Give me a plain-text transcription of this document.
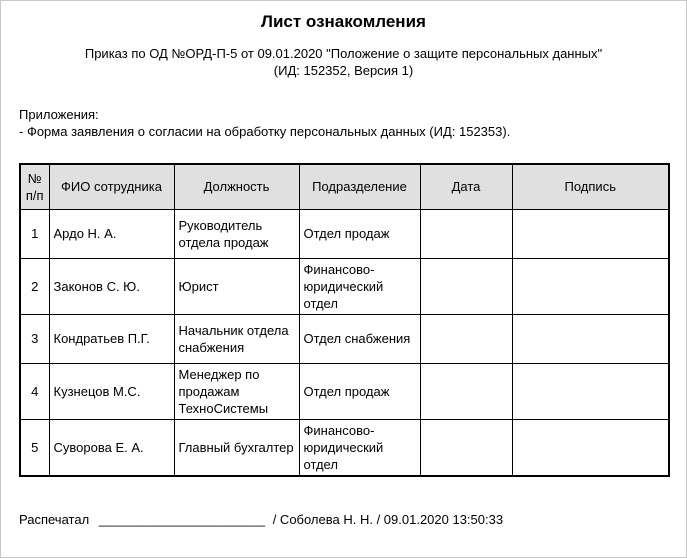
Лист ознакомления

Приказ по ОД №ОРД-П-5 от 09.01.2020 "Положение о защите персональных данных" (ИД: 152352, Версия 1)

Приложения:
- Форма заявления о согласии на обработку персональных данных (ИД: 152353).
№ п/п	ФИО сотрудника	Должность	Подразделение	Дата	Подпись
1	Ардо Н. А.	Руководитель отдела продаж	Отдел продаж		
2	Законов С. Ю.	Юрист	Финансово-юридический отдел		
3	Кондратьев П.Г.	Начальник отдела снабжения	Отдел снабжения		
4	Кузнецов М.С.	Менеджер по продажам ТехноСистемы	Отдел продаж		
5	Суворова Е. А.	Главный бухгалтер	Финансово-юридический отдел		
Распечатал _______________________ / Соболева Н. Н. / 09.01.2020 13:50:33
